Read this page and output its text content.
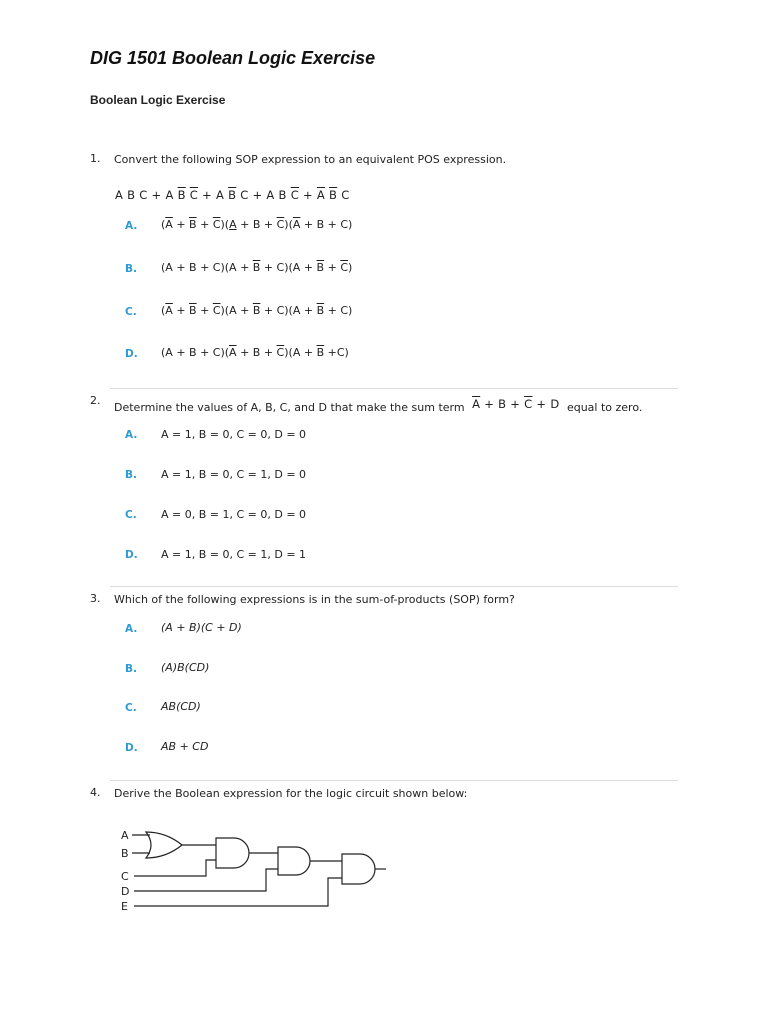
DIG 1501 Boolean Logic Exercise
Boolean Logic Exercise
1. Convert the following SOP expression to an equivalent POS expression.
A B C + A $\overline{B}$ $\overline{C} + A$ $\overline{B}$ C + A B $\overline{C} + \overline{A}$ $\overline{B}$ C
A. $(\overline{A} + \overline{B} + \overline{C})(A + B + \overline{C})(\overline{A} + B + C)$
B. $(A + B + C)(A + \overline{B} + C)(A + \overline{B} + \overline{C})$
C. $(\overline{A} + \overline{B} + \overline{C})(A + \overline{B} + C)(A + \overline{B} + C)$
D. $(A + B + C)(\overline{A} + B + \overline{C})(A + \overline{B} +C)$
2.
Determine the values of A, B, C, and D that make the sum term $\overline{A} + B + \overline{C} + D$  equal to zero.
A. A = 1, B = 0, C = 0, D = 0
B. A = 1, B = 0, C = 1, D = 0
C. A = 0, B = 1, C = 0, D = 0
D. A = 1, B = 0, C = 1, D = 1
3. Which of the following expressions is in the sum-of-products (SOP) form?
A. (A + B)(C + D)
B. (A)B(CD)
C. AB(CD)
D. AB + CD
4. Derive the Boolean expression for the logic circuit shown below:
A
B
C
D
E
